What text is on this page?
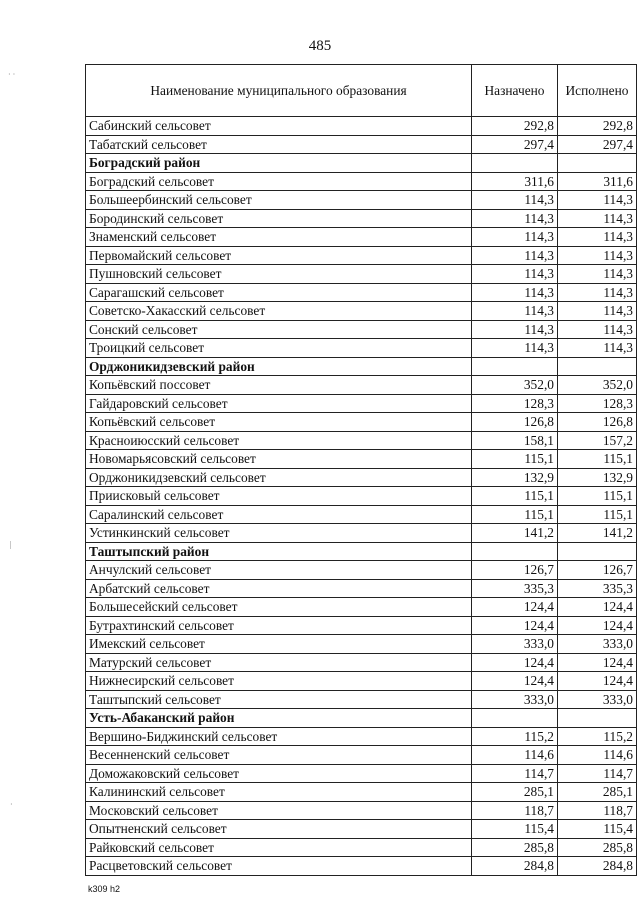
485
· ·
|
·
Наименование муниципального образования	Назначено	Исполнено
Сабинский сельсовет	292,8	292,8
Табатский сельсовет	297,4	297,4
Боградский район		
Боградский сельсовет	311,6	311,6
Большеербинский сельсовет	114,3	114,3
Бородинский сельсовет	114,3	114,3
Знаменский сельсовет	114,3	114,3
Первомайский сельсовет	114,3	114,3
Пушновский сельсовет	114,3	114,3
Сарагашский сельсовет	114,3	114,3
Советско-Хакасский сельсовет	114,3	114,3
Сонский сельсовет	114,3	114,3
Троицкий сельсовет	114,3	114,3
Орджоникидзевский район		
Копьёвский поссовет	352,0	352,0
Гайдаровский сельсовет	128,3	128,3
Копьёвский сельсовет	126,8	126,8
Красноиюсский сельсовет	158,1	157,2
Новомарьясовский сельсовет	115,1	115,1
Орджоникидзевский сельсовет	132,9	132,9
Приисковый сельсовет	115,1	115,1
Саралинский сельсовет	115,1	115,1
Устинкинский сельсовет	141,2	141,2
Таштыпский район		
Анчулский сельсовет	126,7	126,7
Арбатский сельсовет	335,3	335,3
Большесейский сельсовет	124,4	124,4
Бутрахтинский сельсовет	124,4	124,4
Имекский сельсовет	333,0	333,0
Матурский сельсовет	124,4	124,4
Нижнесирский сельсовет	124,4	124,4
Таштыпский сельсовет	333,0	333,0
Усть-Абаканский район		
Вершино-Биджинский сельсовет	115,2	115,2
Весенненский сельсовет	114,6	114,6
Доможаковский сельсовет	114,7	114,7
Калининский сельсовет	285,1	285,1
Московский сельсовет	118,7	118,7
Опытненский сельсовет	115,4	115,4
Райковский сельсовет	285,8	285,8
Расцветовский сельсовет	284,8	284,8
k309 h2
